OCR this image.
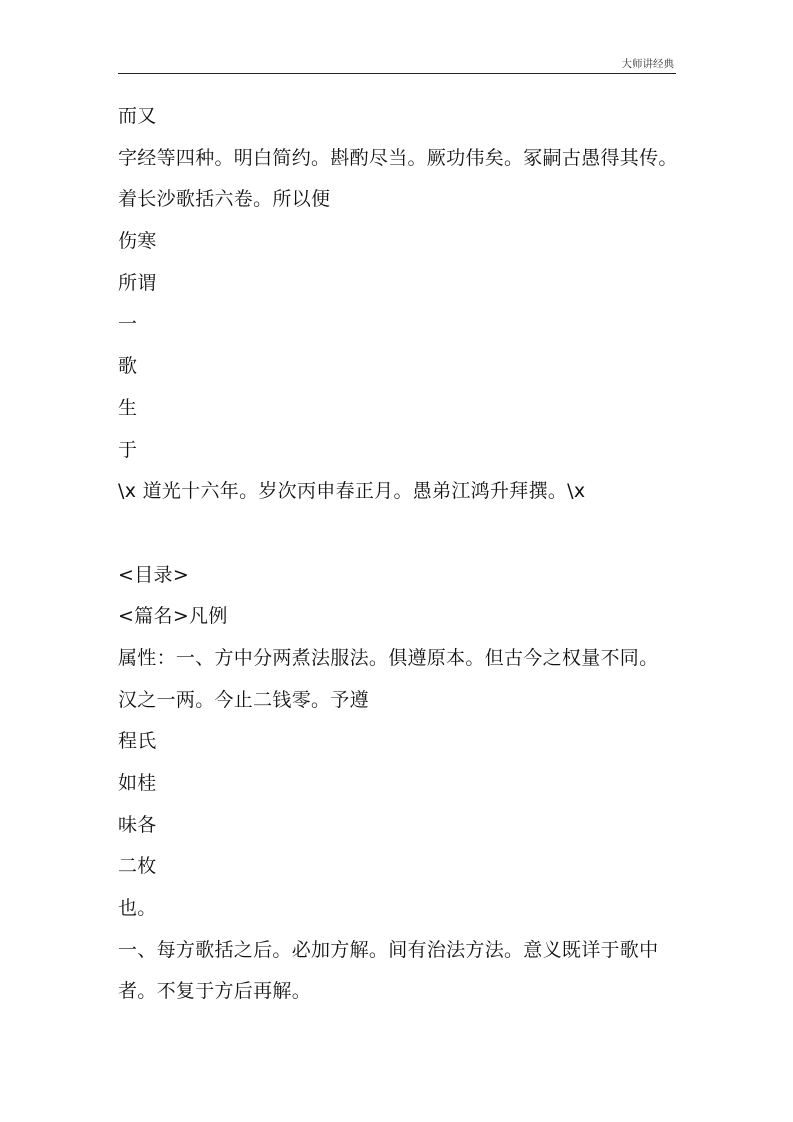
大师讲经典
而又
字经等四种。明白简约。斟酌尽当。厥功伟矣。冢嗣古愚得其传。
着长沙歌括六卷。所以便
伤寒
所谓
一
歌
生
于
\x 道光十六年。岁次丙申春正月。愚弟江鸿升拜撰。\x
<目录>
<篇名>凡例
属性：一、方中分两煮法服法。俱遵原本。但古今之权量不同。
汉之一两。今止二钱零。予遵
程氏
如桂
味各
二枚
也。
一、每方歌括之后。必加方解。间有治法方法。意义既详于歌中
者。不复于方后再解。
